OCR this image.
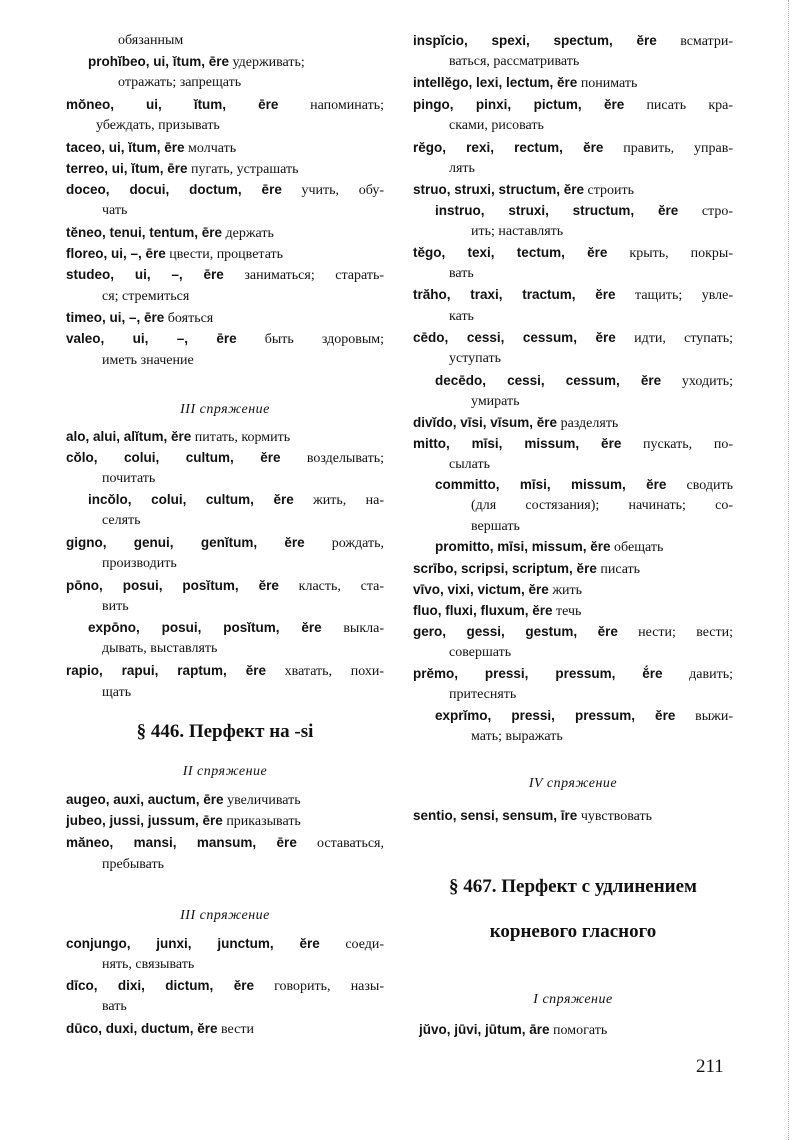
обязанным
prohĭbeo, ui, ĭtum, ēre удерживать;
отражать; запрещать
mŏneo, ui, ĭtum, ēre напоминать;
убеждать, призывать
taceo, ui, ĭtum, ēre молчать
terreo, ui, ĭtum, ēre пугать, устрашать
doceo, docui, doctum, ēre учить, обу-
чать
tĕneo, tenui, tentum, ēre держать
floreo, ui, –, ēre цвести, процветать
studeo, ui, –, ēre заниматься; старать-
ся; стремиться
timeo, ui, –, ēre бояться
valeo, ui, –, ēre быть здоровым;
иметь значение
III спряжение
alo, alui, alĭtum, ĕre питать, кормить
cŏlo, colui, cultum, ĕre возделывать;
почитать
incŏlo, colui, cultum, ĕre жить, на-
селять
gigno, genui, genĭtum, ĕre рождать,
производить
pōno, posui, posĭtum, ĕre класть, ста-
вить
expōno, posui, posĭtum, ĕre выкла-
дывать, выставлять
rapio, rapui, raptum, ĕre хватать, похи-
щать
§ 446. Перфект на -si
II спряжение
augeo, auxi, auctum, ēre увеличивать
jubeo, jussi, jussum, ēre приказывать
măneo, mansi, mansum, ēre оставаться,
пребывать
III спряжение
conjungo, junxi, junctum, ĕre соеди-
нять, связывать
dīco, dixi, dictum, ĕre говорить, назы-
вать
dūco, duxi, ductum, ĕre вести
inspĭcio, spexi, spectum, ĕre всматри-
ваться, рассматривать
intellĕgo, lexi, lectum, ĕre понимать
pingo, pinxi, pictum, ĕre писать кра-
сками, рисовать
rĕgo, rexi, rectum, ĕre править, управ-
лять
struo, struxi, structum, ĕre строить
instruo, struxi, structum, ĕre стро-
ить; наставлять
tĕgo, texi, tectum, ĕre крыть, покры-
вать
trăho, traxi, tractum, ĕre тащить; увле-
кать
cēdo, cessi, cessum, ĕre идти, ступать;
уступать
decēdo, cessi, cessum, ĕre уходить;
умирать
divĭdo, vīsi, vīsum, ĕre разделять
mitto, mīsi, missum, ĕre пускать, по-
сылать
committo, mīsi, missum, ĕre сводить
(для состязания); начинать; со-
вершать
promitto, mīsi, missum, ĕre обещать
scrībo, scripsi, scriptum, ĕre писать
vīvo, vixi, victum, ĕre жить
fluo, fluxi, fluxum, ĕre течь
gero, gessi, gestum, ĕre нести; вести;
совершать
prĕmo, pressi, pressum, ĕ́re давить;
притеснять
exprĭmo, pressi, pressum, ĕre выжи-
мать; выражать
IV спряжение
sentio, sensi, sensum, īre чувствовать
§ 467. Перфект с удлинением
корневого гласного
I спряжение
jŭvo, jūvi, jūtum, āre помогать
211
